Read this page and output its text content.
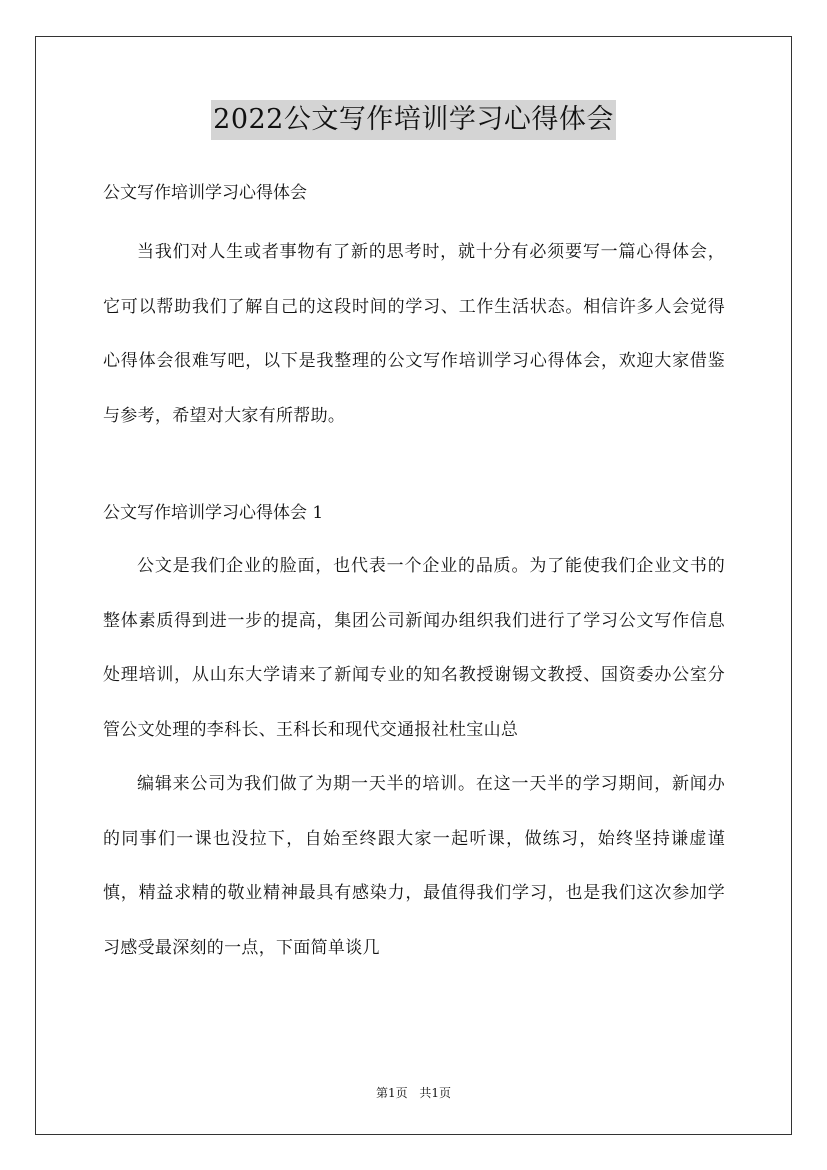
2022公文写作培训学习心得体会

公文写作培训学习心得体会

当我们对人生或者事物有了新的思考时，就十分有必须要写一篇心得体会，它可以帮助我们了解自己的这段时间的学习、工作生活状态。相信许多人会觉得心得体会很难写吧，以下是我整理的公文写作培训学习心得体会，欢迎大家借鉴与参考，希望对大家有所帮助。

公文写作培训学习心得体会 1

公文是我们企业的脸面，也代表一个企业的品质。为了能使我们企业文书的整体素质得到进一步的提高，集团公司新闻办组织我们进行了学习公文写作信息处理培训，从山东大学请来了新闻专业的知名教授谢锡文教授、国资委办公室分管公文处理的李科长、王科长和现代交通报社杜宝山总

编辑来公司为我们做了为期一天半的培训。在这一天半的学习期间，新闻办的同事们一课也没拉下，自始至终跟大家一起听课，做练习，始终坚持谦虚谨慎，精益求精的敬业精神最具有感染力，最值得我们学习，也是我们这次参加学习感受最深刻的一点，下面简单谈几

第1页 共1页
